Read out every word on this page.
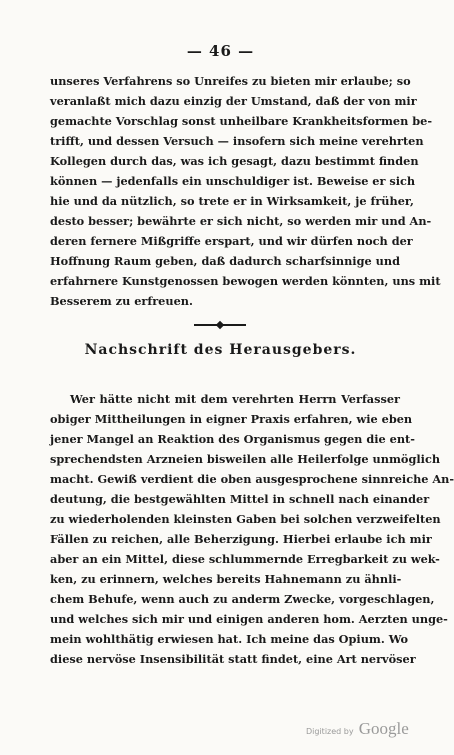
— 46 —
unseres Verfahrens so Unreifes zu bieten mir erlaube; so
veranlaßt mich dazu einzig der Umstand, daß der von mir
gemachte Vorschlag sonst unheilbare Krankheitsformen be-
trifft, und dessen Versuch — insofern sich meine verehrten
Kollegen durch das, was ich gesagt, dazu bestimmt finden
können — jedenfalls ein unschuldiger ist. Beweise er sich
hie und da nützlich, so trete er in Wirksamkeit, je früher,
desto besser; bewährte er sich nicht, so werden mir und An-
deren fernere Mißgriffe erspart, und wir dürfen noch der
Hoffnung Raum geben, daß dadurch scharfsinnige und
erfahrnere Kunstgenossen bewogen werden könnten, uns mit
Besserem zu erfreuen.
Nachschrift des Herausgebers.
Wer hätte nicht mit dem verehrten Herrn Verfasser
obiger Mittheilungen in eigner Praxis erfahren, wie eben
jener Mangel an Reaktion des Organismus gegen die ent-
sprechendsten Arzneien bisweilen alle Heilerfolge unmöglich
macht. Gewiß verdient die oben ausgesprochene sinnreiche An-
deutung, die bestgewählten Mittel in schnell nach einander
zu wiederholenden kleinsten Gaben bei solchen verzweifelten
Fällen zu reichen, alle Beherzigung. Hierbei erlaube ich mir
aber an ein Mittel, diese schlummernde Erregbarkeit zu wek-
ken, zu erinnern, welches bereits Hahnemann zu ähnli-
chem Behufe, wenn auch zu anderm Zwecke, vorgeschlagen,
und welches sich mir und einigen anderen hom. Aerzten unge-
mein wohlthätig erwiesen hat. Ich meine das Opium. Wo
diese nervöse Insensibilität statt findet, eine Art nervöser
Digitized by Google
